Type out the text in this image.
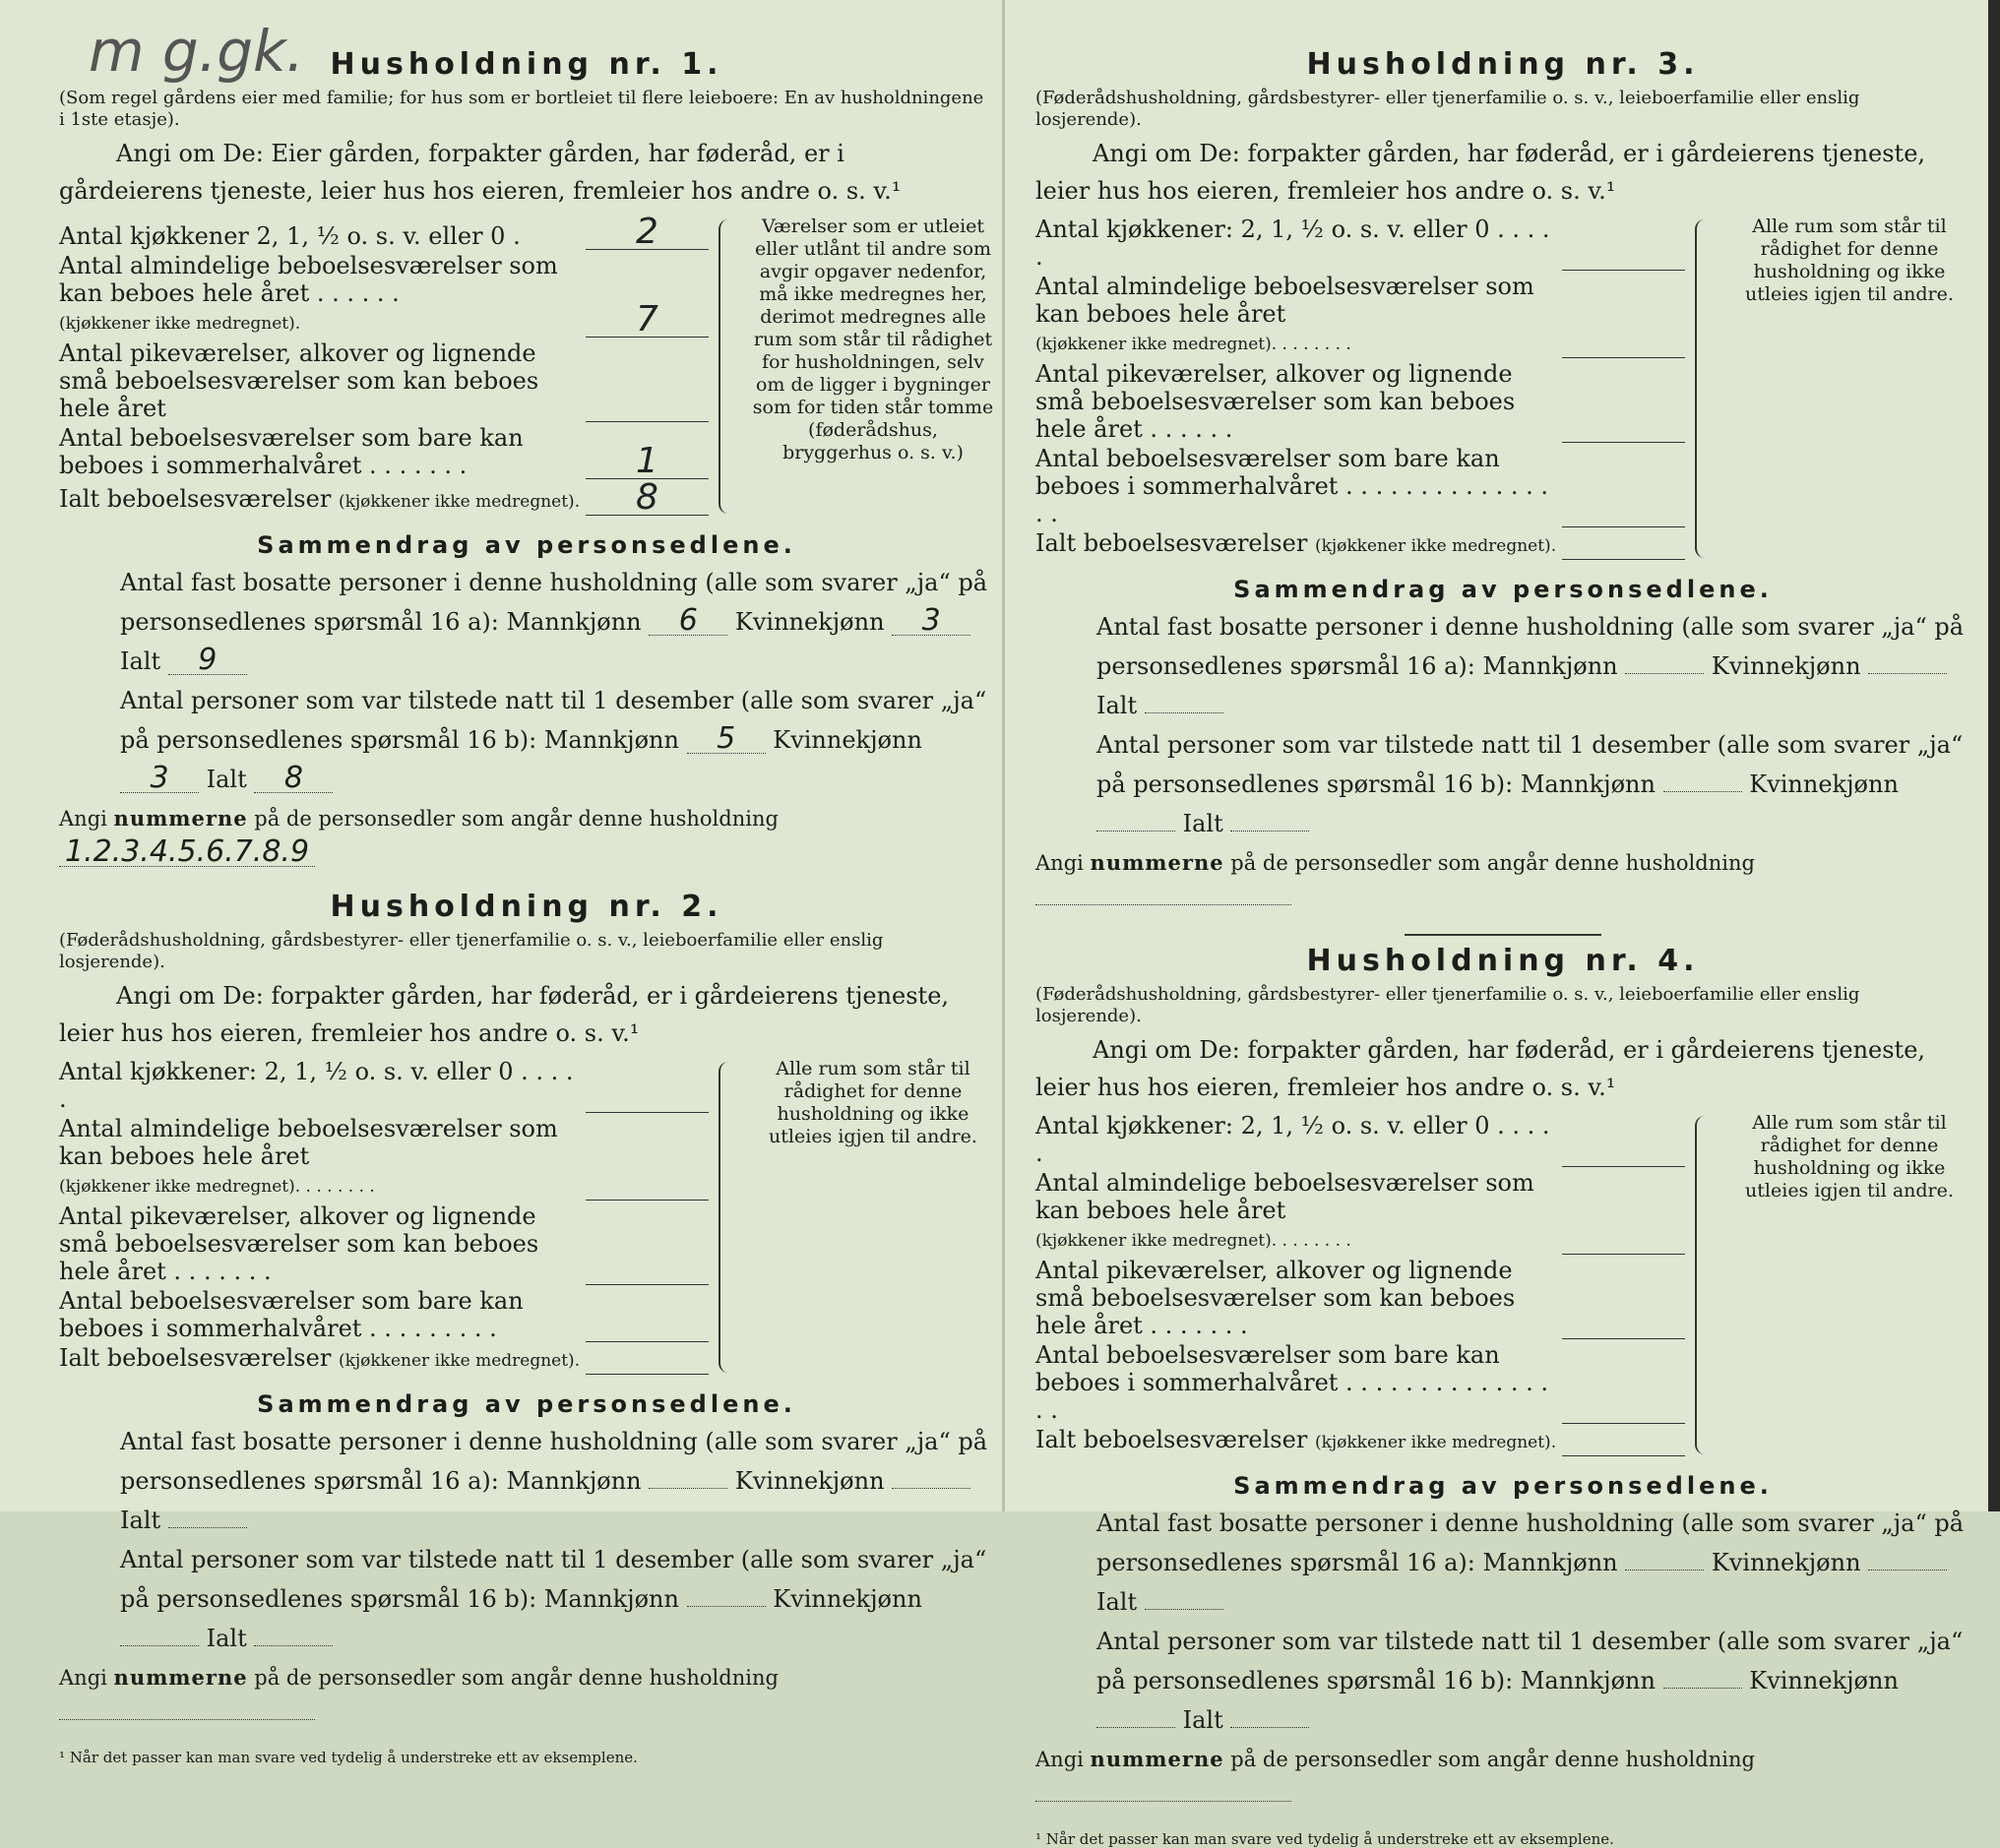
m g.gk. Husholdning nr. 1.

(Som regel gårdens eier med familie; for hus som er bortleiet til flere leieboere: En av husholdningene i 1ste etasje).

Angi om De: Eier gården, forpakter gården, har føderåd, er i gårdeierens tjeneste, leier hus hos eieren, fremleier hos andre o. s. v.¹

Antal kjøkkener 2, 1, ½ o. s. v. eller 0 .	2
Antal almindelige beboelsesværelser som kan beboes hele året . . . . . .
(kjøkkener ikke medregnet).	7
Antal pikeværelser, alkover og lignende små beboelsesværelser som kan beboes hele året
Antal beboelsesværelser som bare kan beboes i sommerhalvåret . . . . . . .	1
Ialt beboelsesværelser (kjøkkener ikke medregnet).	8
Værelser som er utleiet eller utlånt til andre som avgir opgaver nedenfor, må ikke medregnes her, derimot medregnes alle rum som står til rådighet for husholdningen, selv om de ligger i bygninger som for tiden står tomme (føderådshus, bryggerhus o. s. v.)
Sammendrag av personsedlene.

Antal fast bosatte personer i denne husholdning (alle som svarer „ja“ på personsedlenes spørsmål 16 a): Mannkjønn 6 Kvinnekjønn 3 Ialt 9

Antal personer som var tilstede natt til 1 desember (alle som svarer „ja“ på personsedlenes spørsmål 16 b): Mannkjønn 5 Kvinnekjønn 3 Ialt 8

Angi nummerne på de personsedler som angår denne husholdning 1.2.3.4.5.6.7.8.9

Husholdning nr. 2.

(Føderådshusholdning, gårdsbestyrer- eller tjenerfamilie o. s. v., leieboerfamilie eller enslig losjerende).

Angi om De: forpakter gården, har føderåd, er i gårdeierens tjeneste, leier hus hos eieren, fremleier hos andre o. s. v.¹

Antal kjøkkener: 2, 1, ½ o. s. v. eller 0 . . . . .
Antal almindelige beboelsesværelser som kan beboes hele året
(kjøkkener ikke medregnet). . . . . . . .
Antal pikeværelser, alkover og lignende små beboelsesværelser som kan beboes hele året . . . . . . .
Antal beboelsesværelser som bare kan beboes i sommerhalvåret . . . . . . . . .
Ialt beboelsesværelser (kjøkkener ikke medregnet).
Alle rum som står til rådighet for denne husholdning og ikke utleies igjen til andre.
Sammendrag av personsedlene.

Antal fast bosatte personer i denne husholdning (alle som svarer „ja“ på personsedlenes spørsmål 16 a): Mannkjønn	Kvinnekjønn  Ialt

Antal personer som var tilstede natt til 1 desember (alle som svarer „ja“ på personsedlenes spørsmål 16 b): Mannkjønn	Kvinnekjønn  Ialt

Angi nummerne på de personsedler som angår denne husholdning

¹ Når det passer kan man svare ved tydelig å understreke ett av eksemplene.
Husholdning nr. 3.

(Føderådshusholdning, gårdsbestyrer- eller tjenerfamilie o. s. v., leieboerfamilie eller enslig losjerende).

Angi om De: forpakter gården, har føderåd, er i gårdeierens tjeneste, leier hus hos eieren, fremleier hos andre o. s. v.¹

Antal kjøkkener: 2, 1, ½ o. s. v. eller 0 . . . . .
Antal almindelige beboelsesværelser som kan beboes hele året
(kjøkkener ikke medregnet). . . . . . . .
Antal pikeværelser, alkover og lignende små beboelsesværelser som kan beboes hele året . . . . . .
Antal beboelsesværelser som bare kan beboes i sommerhalvåret . . . . . . . . . . . . . . . .
Ialt beboelsesværelser (kjøkkener ikke medregnet).
Alle rum som står til rådighet for denne husholdning og ikke utleies igjen til andre.
Sammendrag av personsedlene.

Antal fast bosatte personer i denne husholdning (alle som svarer „ja“ på personsedlenes spørsmål 16 a): Mannkjønn	Kvinnekjønn  Ialt

Antal personer som var tilstede natt til 1 desember (alle som svarer „ja“ på personsedlenes spørsmål 16 b): Mannkjønn	Kvinnekjønn  Ialt

Angi nummerne på de personsedler som angår denne husholdning

Husholdning nr. 4.

(Føderådshusholdning, gårdsbestyrer- eller tjenerfamilie o. s. v., leieboerfamilie eller enslig losjerende).

Angi om De: forpakter gården, har føderåd, er i gårdeierens tjeneste, leier hus hos eieren, fremleier hos andre o. s. v.¹

Antal kjøkkener: 2, 1, ½ o. s. v. eller 0 . . . . .
Antal almindelige beboelsesværelser som kan beboes hele året
(kjøkkener ikke medregnet). . . . . . . .
Antal pikeværelser, alkover og lignende små beboelsesværelser som kan beboes hele året . . . . . . .
Antal beboelsesværelser som bare kan beboes i sommerhalvåret . . . . . . . . . . . . . . . .
Ialt beboelsesværelser (kjøkkener ikke medregnet).
Alle rum som står til rådighet for denne husholdning og ikke utleies igjen til andre.
Sammendrag av personsedlene.

Antal fast bosatte personer i denne husholdning (alle som svarer „ja“ på personsedlenes spørsmål 16 a): Mannkjønn	Kvinnekjønn  Ialt

Antal personer som var tilstede natt til 1 desember (alle som svarer „ja“ på personsedlenes spørsmål 16 b): Mannkjønn	Kvinnekjønn  Ialt

Angi nummerne på de personsedler som angår denne husholdning

¹ Når det passer kan man svare ved tydelig å understreke ett av eksemplene.
